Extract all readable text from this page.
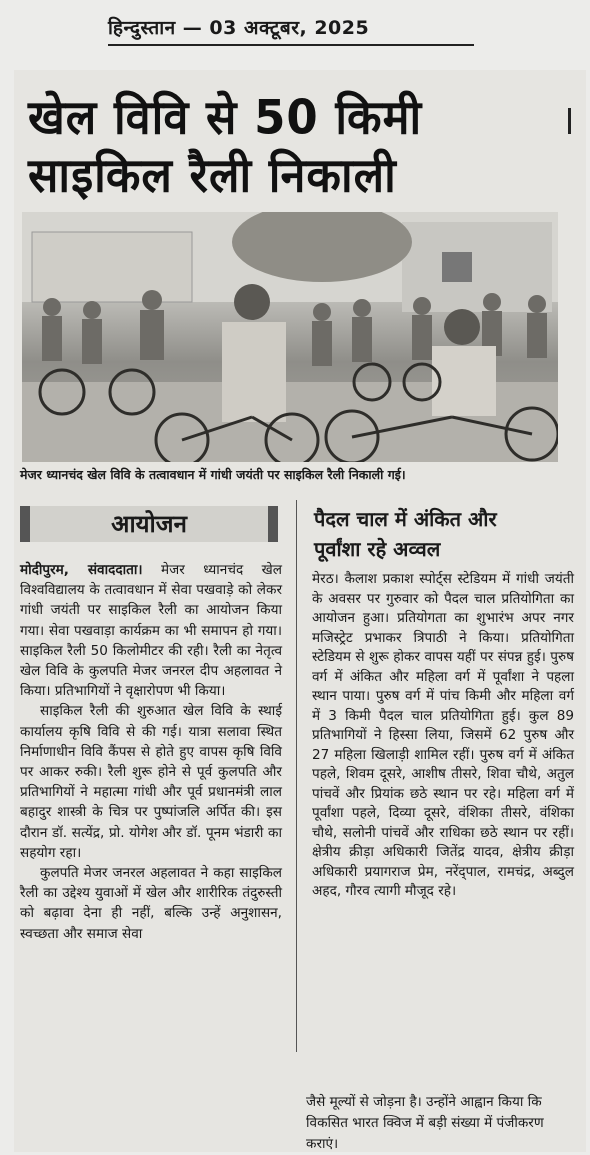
हिन्दुस्तान — 03 अक्टूबर, 2025
खेल विवि से 50 किमी
साइकिल रैली निकाली
मेजर ध्यानचंद खेल विवि के तत्वावधान में गांधी जयंती पर साइकिल रैली निकाली गई।
आयोजन

मोदीपुरम, संवाददाता। मेजर ध्यानचंद खेल विश्वविद्यालय के तत्वावधान में सेवा पखवाड़े को लेकर गांधी जयंती पर साइकिल रैली का आयोजन किया गया। सेवा पखवाड़ा कार्यक्रम का भी समापन हो गया। साइकिल रैली 50 किलोमीटर की रही। रैली का नेतृत्व खेल विवि के कुलपति मेजर जनरल दीप अहलावत ने किया। प्रतिभागियों ने वृक्षारोपण भी किया।

साइकिल रैली की शुरुआत खेल विवि के स्थाई कार्यालय कृषि विवि से की गई। यात्रा सलावा स्थित निर्माणाधीन विवि कैंपस से होते हुए वापस कृषि विवि पर आकर रुकी। रैली शुरू होने से पूर्व कुलपति और प्रतिभागियों ने महात्मा गांधी और पूर्व प्रधानमंत्री लाल बहादुर शास्त्री के चित्र पर पुष्पांजलि अर्पित की। इस दौरान डॉ. सत्येंद्र, प्रो. योगेश और डॉ. पूनम भंडारी का सहयोग रहा।

कुलपति मेजर जनरल अहलावत ने कहा साइकिल रैली का उद्देश्य युवाओं में खेल और शारीरिक तंदुरुस्ती को बढ़ावा देना ही नहीं, बल्कि उन्हें अनुशासन, स्वच्छता और समाज सेवा

पैदल चाल में अंकित और
पूर्वांशा रहे अव्वल

मेरठ। कैलाश प्रकाश स्पोर्ट्स स्टेडियम में गांधी जयंती के अवसर पर गुरुवार को पैदल चाल प्रतियोगिता का आयोजन हुआ। प्रतियोगता का शुभारंभ अपर नगर मजिस्ट्रेट प्रभाकर त्रिपाठी ने किया। प्रतियोगिता स्टेडियम से शुरू होकर वापस यहीं पर संपन्न हुई। पुरुष वर्ग में अंकित और महिला वर्ग में पूर्वांशा ने पहला स्थान पाया। पुरुष वर्ग में पांच किमी और महिला वर्ग में 3 किमी पैदल चाल प्रतियोगिता हुई। कुल 89 प्रतिभागियों ने हिस्सा लिया, जिसमें 62 पुरुष और 27 महिला खिलाड़ी शामिल रहीं। पुरुष वर्ग में अंकित पहले, शिवम दूसरे, आशीष तीसरे, शिवा चौथे, अतुल पांचवें और प्रियांक छठे स्थान पर रहे। महिला वर्ग में पूर्वांशा पहले, दिव्या दूसरे, वंशिका तीसरे, वंशिका चौथे, सलोनी पांचवें और राधिका छठे स्थान पर रहीं। क्षेत्रीय क्रीड़ा अधिकारी जितेंद्र यादव, क्षेत्रीय क्रीड़ा अधिकारी प्रयागराज प्रेम, नरेंद्पाल, रामचंद्र, अब्दुल अहद, गौरव त्यागी मौजूद रहे।

जैसे मूल्यों से जोड़ना है। उन्होंने आह्वान किया कि विकसित भारत क्विज में बड़ी संख्या में पंजीकरण कराएं।
